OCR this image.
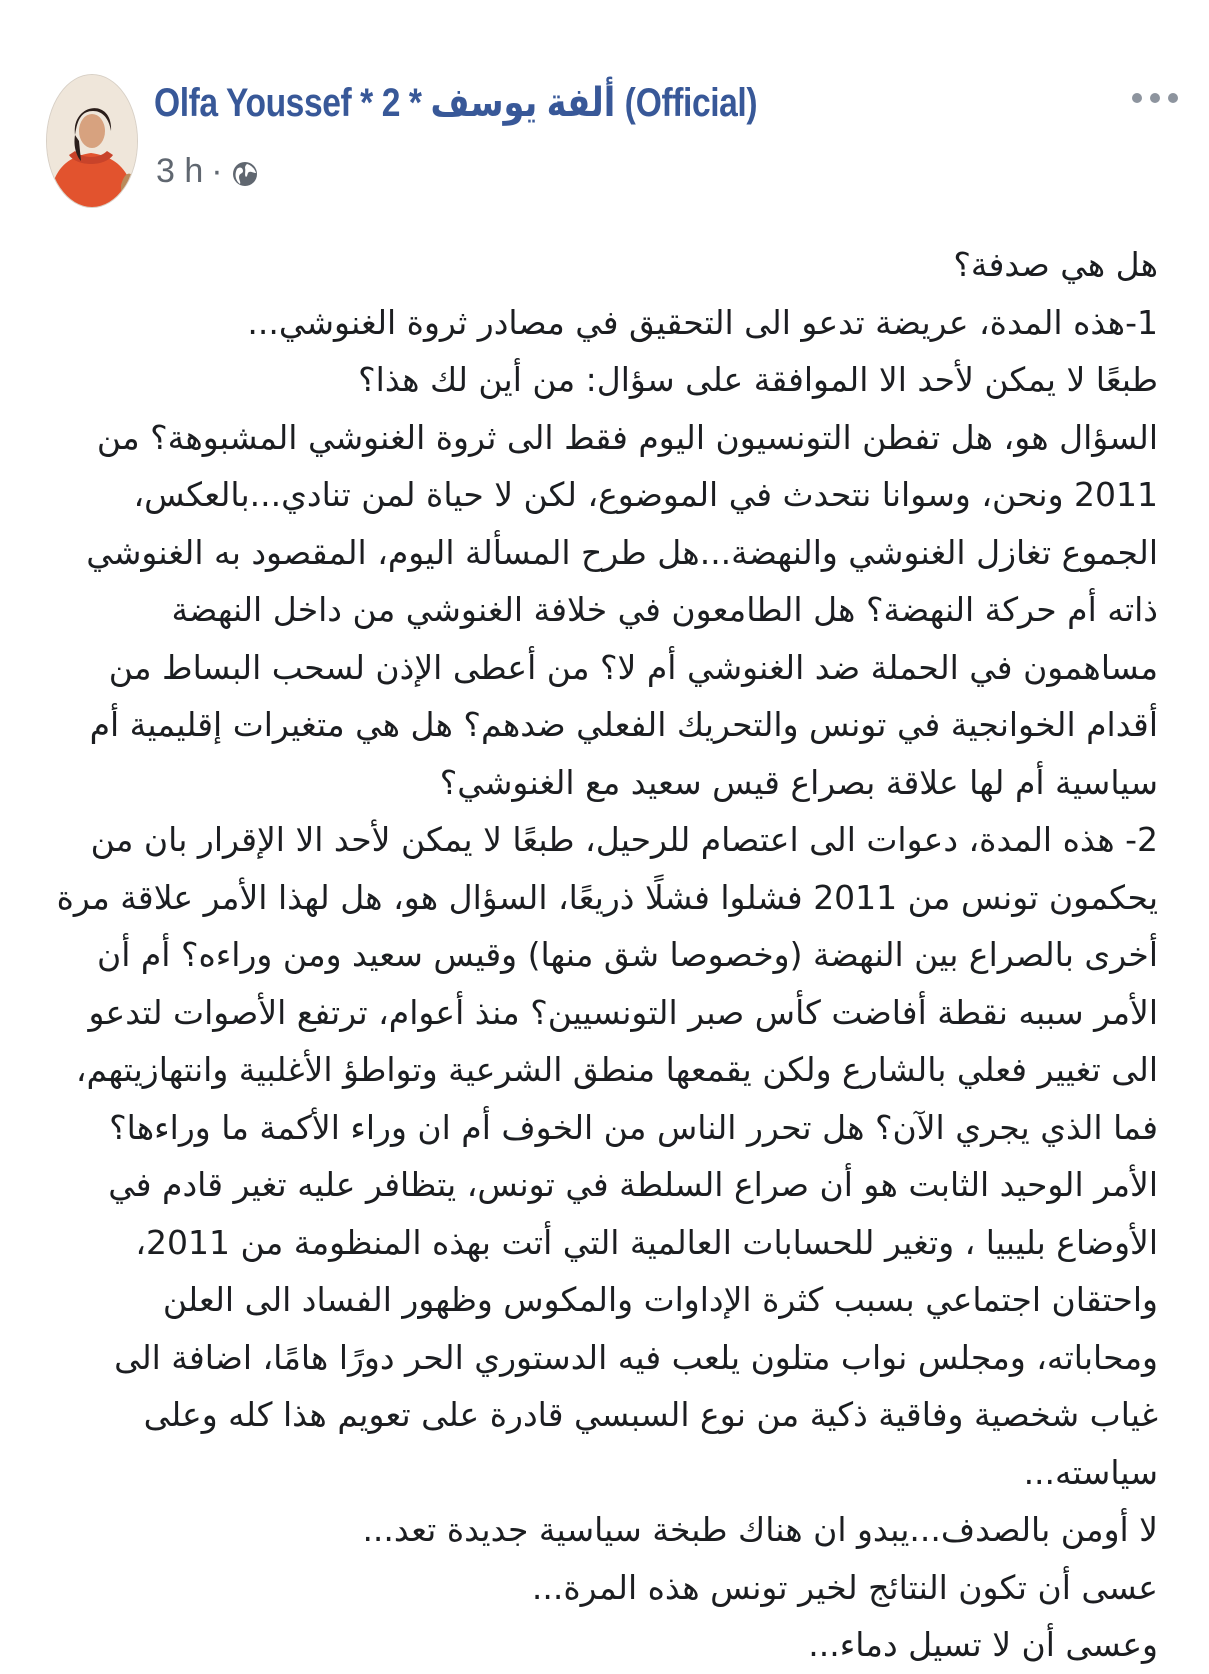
Olfa Youssef * 2 * ألفة يوسف (Official)
3 h ·

هل هي صدفة؟

1-هذه المدة، عريضة تدعو الى التحقيق في مصادر ثروة الغنوشي...

طبعًا لا يمكن لأحد الا الموافقة على سؤال: من أين لك هذا؟

السؤال هو، هل تفطن التونسيون اليوم فقط الى ثروة الغنوشي المشبوهة؟ من 2011 ونحن، وسوانا نتحدث في الموضوع، لكن لا حياة لمن تنادي...بالعكس، الجموع تغازل الغنوشي والنهضة...هل طرح المسألة اليوم، المقصود به الغنوشي ذاته أم حركة النهضة؟ هل الطامعون في خلافة الغنوشي من داخل النهضة مساهمون في الحملة ضد الغنوشي أم لا؟ من أعطى الإذن لسحب البساط من أقدام الخوانجية في تونس والتحريك الفعلي ضدهم؟ هل هي متغيرات إقليمية أم سياسية أم لها علاقة بصراع قيس سعيد مع الغنوشي؟

2- هذه المدة، دعوات الى اعتصام للرحيل، طبعًا لا يمكن لأحد الا الإقرار بان من يحكمون تونس من 2011 فشلوا فشلًا ذريعًا، السؤال هو، هل لهذا الأمر علاقة مرة أخرى بالصراع بين النهضة (وخصوصا شق منها) وقيس سعيد ومن وراءه؟ أم أن الأمر سببه نقطة أفاضت كأس صبر التونسيين؟ منذ أعوام، ترتفع الأصوات لتدعو الى تغيير فعلي بالشارع ولكن يقمعها منطق الشرعية وتواطؤ الأغلبية وانتهازيتهم، فما الذي يجري الآن؟ هل تحرر الناس من الخوف أم ان وراء الأكمة ما وراءها؟

الأمر الوحيد الثابت هو أن صراع السلطة في تونس، يتظافر عليه تغير قادم في الأوضاع بليبيا ، وتغير للحسابات العالمية التي أتت بهذه المنظومة من 2011، واحتقان اجتماعي بسبب كثرة الإداوات والمكوس وظهور الفساد الى العلن ومحاباته، ومجلس نواب متلون يلعب فيه الدستوري الحر دورًا هامًا، اضافة الى غياب شخصية وفاقية ذكية من نوع السبسي قادرة على تعويم هذا كله وعلى سياسته...

لا أومن بالصدف...يبدو ان هناك طبخة سياسية جديدة تعد...

عسى أن تكون النتائج لخير تونس هذه المرة...

وعسى أن لا تسيل دماء...
